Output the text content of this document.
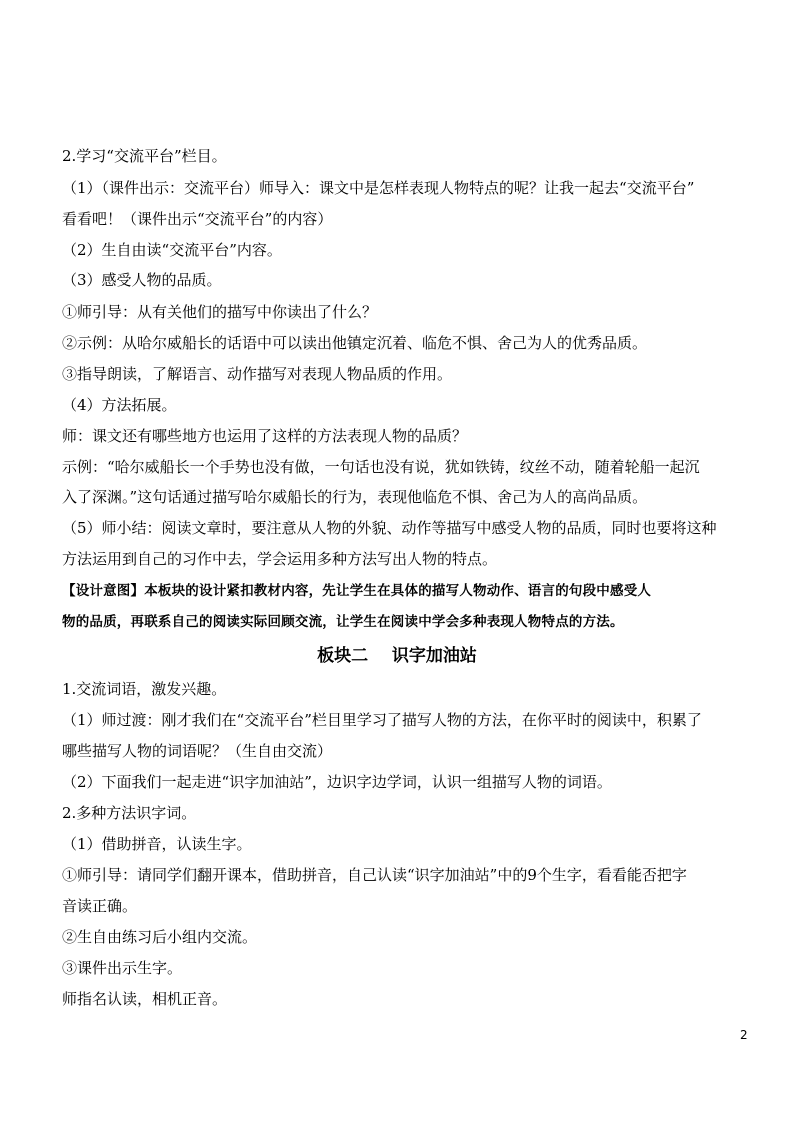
2.学习“交流平台”栏目。
（1）（课件出示：交流平台）师导入：课文中是怎样表现人物特点的呢？让我一起去“交流平台”
看看吧！（课件出示“交流平台”的内容）
（2）生自由读“交流平台”内容。
（3）感受人物的品质。
①师引导：从有关他们的描写中你读出了什么？
②示例：从哈尔威船长的话语中可以读出他镇定沉着、临危不惧、舍己为人的优秀品质。
③指导朗读，了解语言、动作描写对表现人物品质的作用。
（4）方法拓展。
师：课文还有哪些地方也运用了这样的方法表现人物的品质？
示例：“哈尔威船长一个手势也没有做，一句话也没有说，犹如铁铸，纹丝不动，随着轮船一起沉
入了深渊。”这句话通过描写哈尔威船长的行为，表现他临危不惧、舍己为人的高尚品质。
（5）师小结：阅读文章时，要注意从人物的外貌、动作等描写中感受人物的品质，同时也要将这种
方法运用到自己的习作中去，学会运用多种方法写出人物的特点。
【设计意图】本板块的设计紧扣教材内容，先让学生在具体的描写人物动作、语言的句段中感受人
物的品质，再联系自己的阅读实际回顾交流，让学生在阅读中学会多种表现人物特点的方法。
板块二    识字加油站
1.交流词语，激发兴趣。
（1）师过渡：刚才我们在“交流平台”栏目里学习了描写人物的方法，在你平时的阅读中，积累了
哪些描写人物的词语呢？（生自由交流）
（2）下面我们一起走进“识字加油站”，边识字边学词，认识一组描写人物的词语。
2.多种方法识字词。
（1）借助拼音，认读生字。
①师引导：请同学们翻开课本，借助拼音，自己认读“识字加油站”中的9个生字，看看能否把字
音读正确。
②生自由练习后小组内交流。
③课件出示生字。
师指名认读，相机正音。
2
